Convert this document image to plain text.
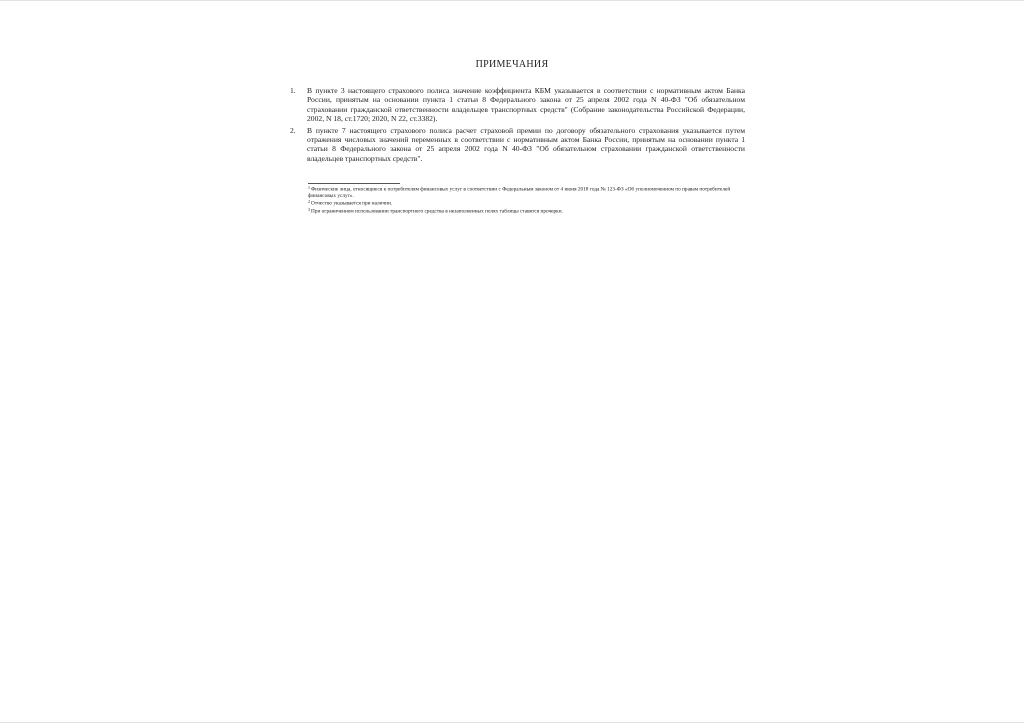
ПРИМЕЧАНИЯ
1.	В пункте 3 настоящего страхового полиса значение коэффициента КБМ указывается в соответствии с нормативным актом Банка России, принятым на основании пункта 1 статьи 8 Федерального закона от 25 апреля 2002 года N 40-ФЗ "Об обязательном страховании гражданской ответственности владельцев транспортных средств" (Собрание законодательства Российской Федерации, 2002, N 18, ст.1720; 2020, N 22, ст.3382).
2.	В пункте 7 настоящего страхового полиса расчет страховой премии по договору обязательного страхования указывается путем отражения числовых значений переменных в соответствии с нормативным актом Банка России, принятым на основании пункта 1 статьи 8 Федерального закона от 25 апреля 2002 года N 40-ФЗ "Об обязательном страховании гражданской ответственности владельцев транспортных средств".
$^1$Физические лица, относящиеся к потребителям финансовых услуг в соответствии с Федеральным законом от 4 июня 2018 года № 123-ФЗ «Об уполномоченном по правам потребителей финансовых услуг».
$^2$Отчество указывается при наличии.
$^3$При ограниченном использовании транспортного средства в незаполненных полях таблицы ставятся прочерки.
